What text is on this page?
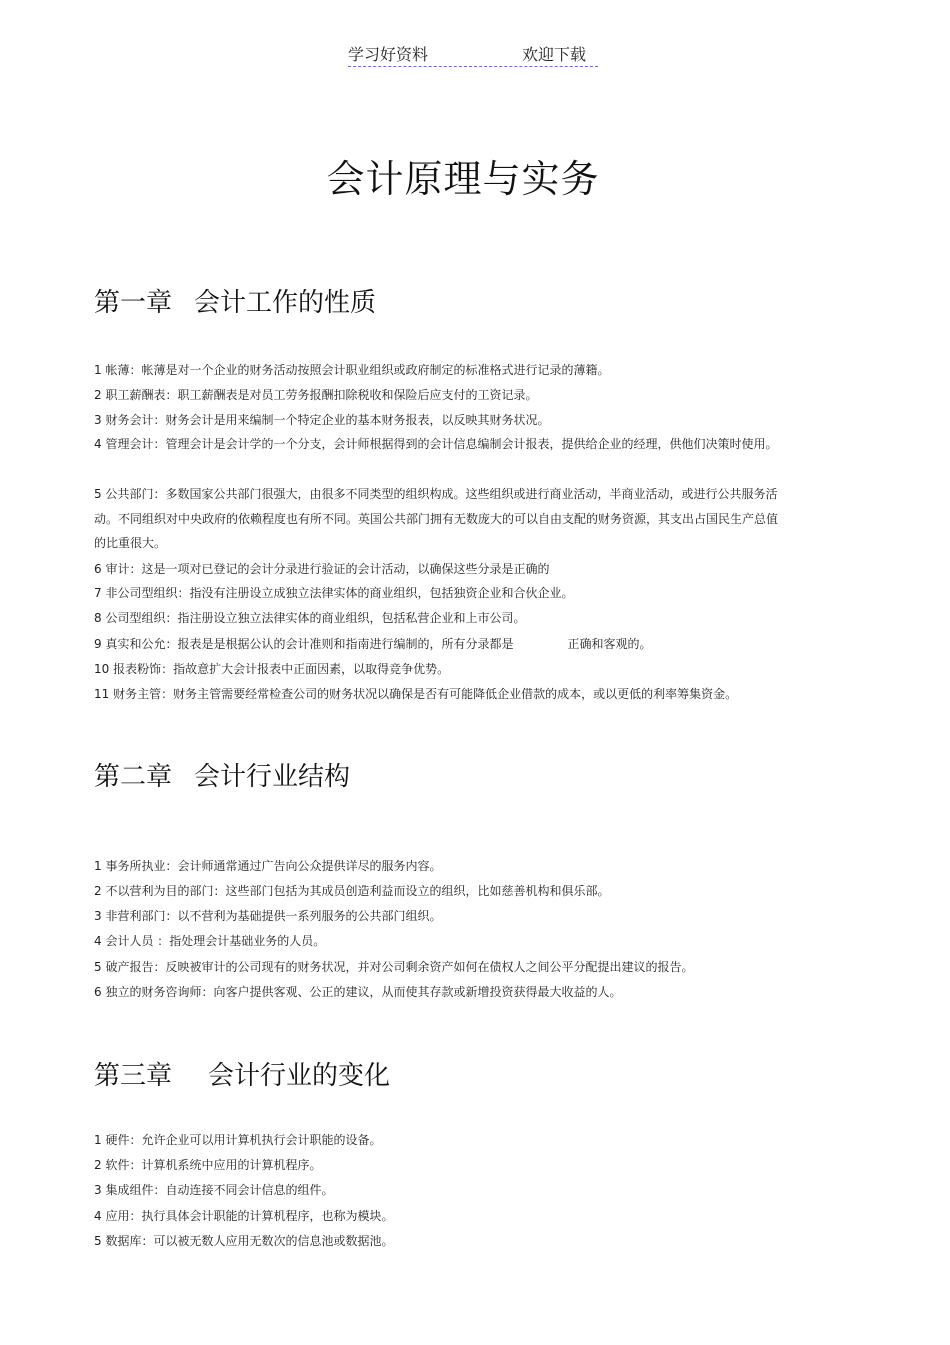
学习好资料	欢迎下载
会计原理与实务
第一章 会计工作的性质
1 帐薄：帐薄是对一个企业的财务活动按照会计职业组织或政府制定的标准格式进行记录的薄籍。
2 职工薪酬表：职工薪酬表是对员工劳务报酬扣除税收和保险后应支付的工资记录。
3 财务会计：财务会计是用来编制一个特定企业的基本财务报表，以反映其财务状况。
4 管理会计：管理会计是会计学的一个分支，会计师根据得到的会计信息编制会计报表，提供给企业的经理，供他们决策时使用。
5 公共部门：多数国家公共部门很强大，由很多不同类型的组织构成。这些组织或进行商业活动，半商业活动，或进行公共服务活动。不同组织对中央政府的依赖程度也有所不同。英国公共部门拥有无数庞大的可以自由支配的财务资源，其支出占国民生产总值的比重很大。
6 审计：这是一项对已登记的会计分录进行验证的会计活动，以确保这些分录是正确的
7 非公司型组织：指没有注册设立成独立法律实体的商业组织，包括独资企业和合伙企业。
8 公司型组织：指注册设立独立法律实体的商业组织，包括私营企业和上市公司。
9 真实和公允：报表是是根据公认的会计准则和指南进行编制的，所有分录都是	正确和客观的。
10 报表粉饰：指故意扩大会计报表中正面因素，以取得竞争优势。
11 财务主管：财务主管需要经常检查公司的财务状况以确保是否有可能降低企业借款的成本，或以更低的利率筹集资金。
第二章 会计行业结构
1 事务所执业：会计师通常通过广告向公众提供详尽的服务内容。
2 不以营利为目的部门：这些部门包括为其成员创造利益而设立的组织，比如慈善机构和俱乐部。
3 非营利部门：以不营利为基础提供一系列服务的公共部门组织。
4 会计人员 ：指处理会计基础业务的人员。
5 破产报告：反映被审计的公司现有的财务状况，并对公司剩余资产如何在债权人之间公平分配提出建议的报告。
6 独立的财务咨询师：向客户提供客观、公正的建议，从而使其存款或新增投资获得最大收益的人。
第三章 会计行业的变化
1 硬件：允许企业可以用计算机执行会计职能的设备。
2 软件：计算机系统中应用的计算机程序。
3 集成组件：自动连接不同会计信息的组件。
4 应用：执行具体会计职能的计算机程序，也称为模块。
5 数据库：可以被无数人应用无数次的信息池或数据池。
